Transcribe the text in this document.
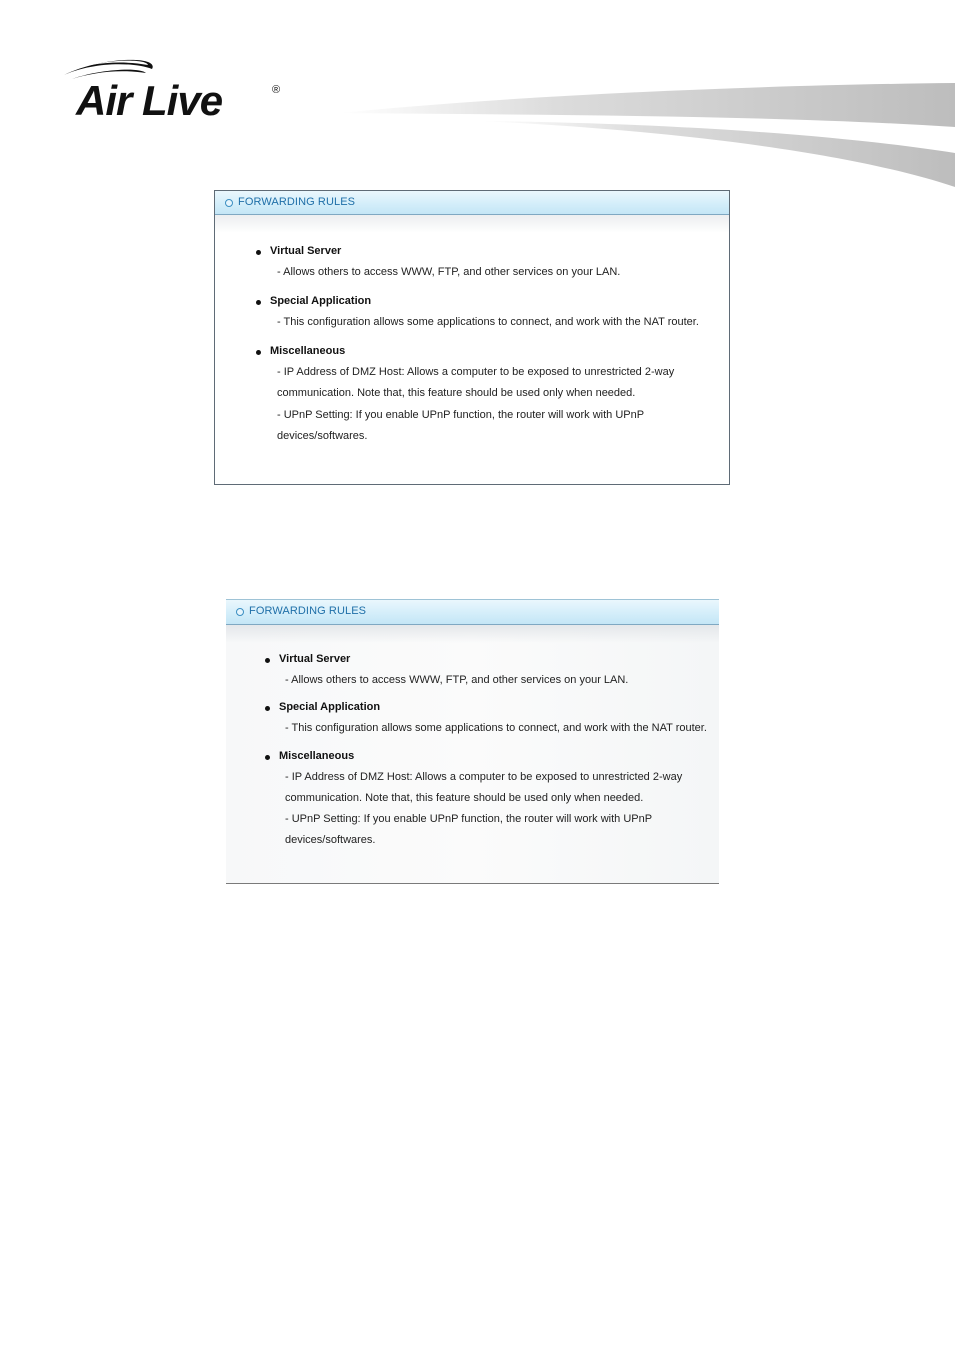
Air Live	®
FORWARDING RULES
Virtual Server
- Allows others to access WWW, FTP, and other services on your LAN.
Special Application
- This configuration allows some applications to connect, and work with the NAT router.
Miscellaneous
- IP Address of DMZ Host: Allows a computer to be exposed to unrestricted 2-way
communication. Note that, this feature should be used only when needed.
- UPnP Setting: If you enable UPnP function, the router will work with UPnP
devices/softwares.
FORWARDING RULES
Virtual Server
- Allows others to access WWW, FTP, and other services on your LAN.
Special Application
- This configuration allows some applications to connect, and work with the NAT router.
Miscellaneous
- IP Address of DMZ Host: Allows a computer to be exposed to unrestricted 2-way
communication. Note that, this feature should be used only when needed.
- UPnP Setting: If you enable UPnP function, the router will work with UPnP
devices/softwares.
